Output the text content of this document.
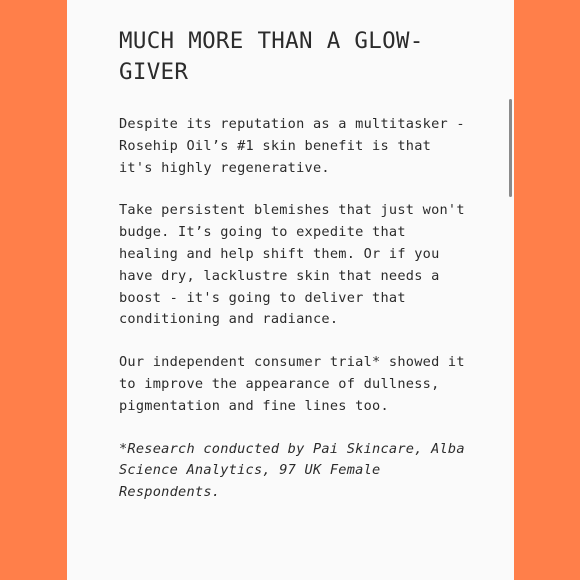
MUCH MORE THAN A GLOW-GIVER

Despite its reputation as a multitasker - Rosehip Oil’s #1 skin benefit is that it's highly regenerative.

Take persistent blemishes that just won't budge. It’s going to expedite that healing and help shift them. Or if you have dry, lacklustre skin that needs a boost - it's going to deliver that conditioning and radiance.

Our independent consumer trial* showed it to improve the appearance of dullness, pigmentation and fine lines too.

*Research conducted by Pai Skincare, Alba Science Analytics, 97 UK Female Respondents.
